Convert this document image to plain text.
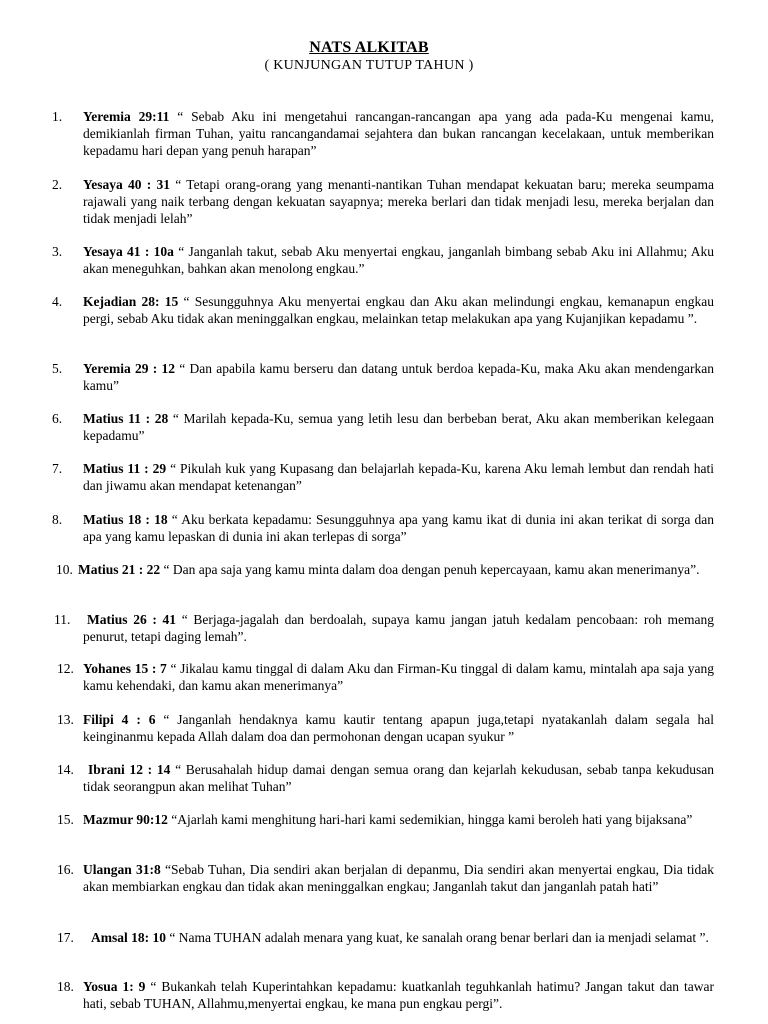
NATS ALKITAB
( KUNJUNGAN TUTUP TAHUN )
1.	Yeremia 29:11 “ Sebab Aku ini mengetahui rancangan-rancangan apa yang ada pada-Ku mengenai kamu, demikianlah firman Tuhan, yaitu rancangandamai sejahtera dan bukan rancangan kecelakaan, untuk memberikan kepadamu hari depan yang penuh harapan”
2.	Yesaya 40 : 31 “ Tetapi orang-orang yang menanti-nantikan Tuhan mendapat kekuatan baru; mereka seumpama rajawali yang naik terbang dengan kekuatan sayapnya; mereka berlari dan tidak menjadi lesu, mereka berjalan dan tidak menjadi lelah”
3.	Yesaya 41 : 10a “ Janganlah takut, sebab Aku menyertai engkau, janganlah bimbang sebab Aku ini Allahmu; Aku akan meneguhkan, bahkan akan menolong engkau.”
4.	Kejadian 28: 15 “ Sesungguhnya Aku menyertai engkau dan Aku akan melindungi engkau, kemanapun engkau pergi, sebab Aku tidak akan meninggalkan engkau, melainkan tetap melakukan apa yang Kujanjikan kepadamu ”.
5.	Yeremia 29 : 12 “ Dan apabila kamu berseru dan datang untuk berdoa kepada-Ku, maka Aku akan mendengarkan kamu”
6.	Matius 11 : 28 “ Marilah kepada-Ku, semua yang letih lesu dan berbeban berat, Aku akan memberikan kelegaan kepadamu”
7.	Matius 11 : 29 “ Pikulah kuk yang Kupasang dan belajarlah kepada-Ku, karena Aku lemah lembut dan rendah hati dan jiwamu akan mendapat ketenangan”
8.	Matius 18 : 18 “ Aku berkata kepadamu: Sesungguhnya apa yang kamu ikat di dunia ini akan terikat di sorga dan apa yang kamu lepaskan di dunia ini akan terlepas di sorga”
10. Matius 21 : 22 “ Dan apa saja yang kamu minta dalam doa dengan penuh kepercayaan, kamu akan menerimanya”.
11.	Matius 26 : 41 “ Berjaga-jagalah dan berdoalah, supaya kamu jangan jatuh kedalam pencobaan: roh memang penurut, tetapi daging lemah”.
12. Yohanes 15 : 7 “ Jikalau kamu tinggal di dalam Aku dan Firman-Ku tinggal di dalam kamu, mintalah apa saja yang kamu kehendaki, dan kamu akan menerimanya”
13. Filipi 4 : 6 “ Janganlah hendaknya kamu kautir tentang apapun juga,tetapi nyatakanlah dalam segala hal keinginanmu kepada Allah dalam doa dan permohonan dengan ucapan syukur ”
14.	Ibrani 12 : 14 “ Berusahalah hidup damai dengan semua orang dan kejarlah kekudusan, sebab tanpa kekudusan tidak seorangpun akan melihat Tuhan”
15. Mazmur 90:12 “Ajarlah kami menghitung hari-hari kami sedemikian, hingga kami beroleh hati yang bijaksana”
16. Ulangan 31:8 “Sebab Tuhan, Dia sendiri akan berjalan di depanmu, Dia sendiri akan menyertai engkau, Dia tidak akan membiarkan engkau dan tidak akan meninggalkan engkau; Janganlah takut dan janganlah patah hati”
17.	Amsal 18: 10 “ Nama TUHAN adalah menara yang kuat, ke sanalah orang benar berlari dan ia menjadi selamat ”.
18. Yosua 1: 9 “ Bukankah telah Kuperintahkan kepadamu: kuatkanlah teguhkanlah hatimu? Jangan takut dan tawar hati, sebab TUHAN, Allahmu,menyertai engkau, ke mana pun engkau pergi”.
